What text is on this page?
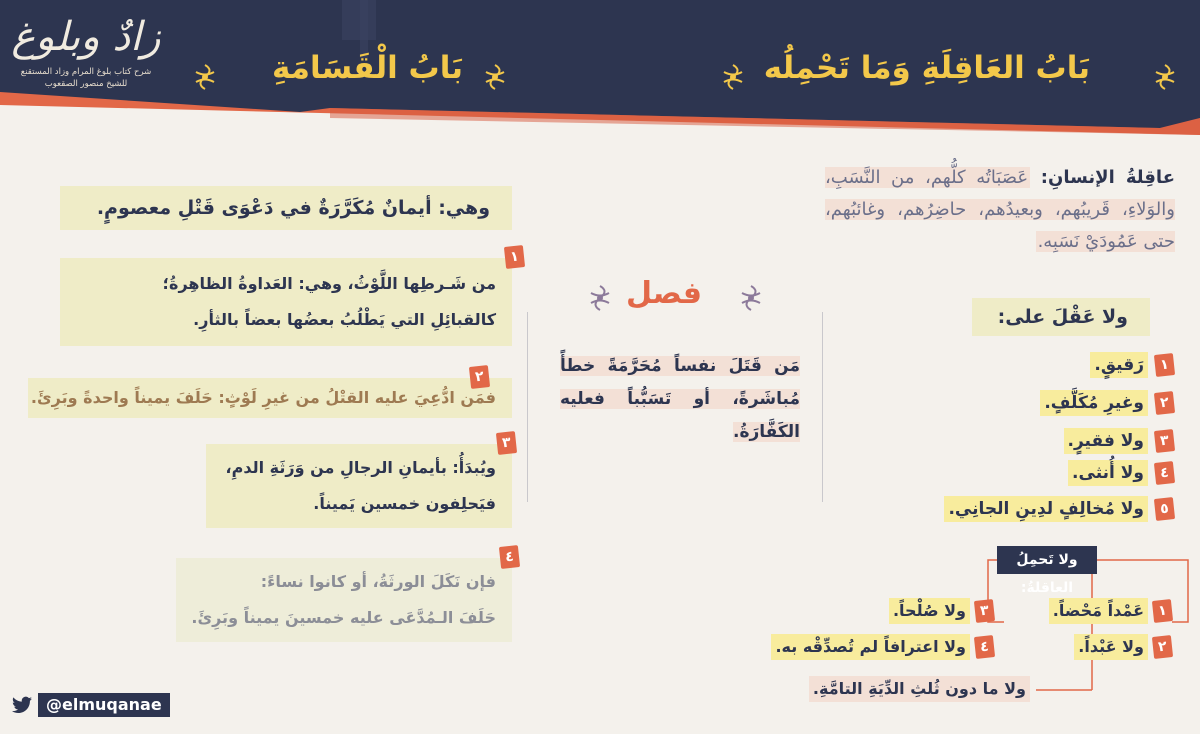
زادٌ وبلوغ
شرح كتاب بلوغ المرام وزاد المستقنع
للشيخ منصور الصقعوب	بَابُ العَاقِلَةِ وَمَا تَحْمِلُه
بَابُ الْقَسَامَةِ
عاقِلةُ الإنسانِ: عَصَبَاتُه كلُّهم، من النَّسَبِ، والوَلاءِ، قَريبُهم، وبعيدُهم، حاضِرُهم، وغائبُهم، حتى عَمُودَيْ نَسَبِه.
ولا عَقْلَ على:
١
رَقيقٍ.
٢
وغيرِ مُكَلَّفٍ.
٣
ولا فقيرٍ.
٤
ولا أُنثى.
٥
ولا مُخالِفٍ لدِينِ الجانِي.
ولا تَحمِلُ العاقلةُ:
١
عَمْداً مَحْضاً.
٢
ولا عَبْداً.
٣
ولا صُلْحاً.
٤
ولا اعترافاً لم تُصدِّقْه به.
ولا ما دون ثُلثِ الدِّيَةِ التامَّةِ.
فصل
مَن قَتَلَ نفساً مُحَرَّمَةً خطأً مُباشَرةً، أو تَسَبُّباً فعليه الكَفَّارَةُ.
وهي: أيمانٌ مُكَرَّرَةٌ في دَعْوَى قَتْلِ معصومٍ.
من شَـرطِها اللَّوْثُ، وهي: العَداوةُ الظاهِرةُ؛
كالقبائِلِ التي يَطْلُبُ بعضُها بعضاً بالثأرِ.
١
فمَن ادُّعِيَ عليه القتْلُ من غيرِ لَوْثٍ: حَلَفَ يميناً واحدةً وبَرِئَ.
٢
ويُبدَأُ: بأيمانِ الرجالِ من وَرَثَةِ الدمِ،
فيَحلِفون خمسين يَميناً.
٣
فإن نَكَلَ الورثَةُ، أو كانوا نساءً:
حَلَفَ الـمُدَّعَى عليه خمسينَ يميناً وبَرِئَ.
٤
@elmuqanae
